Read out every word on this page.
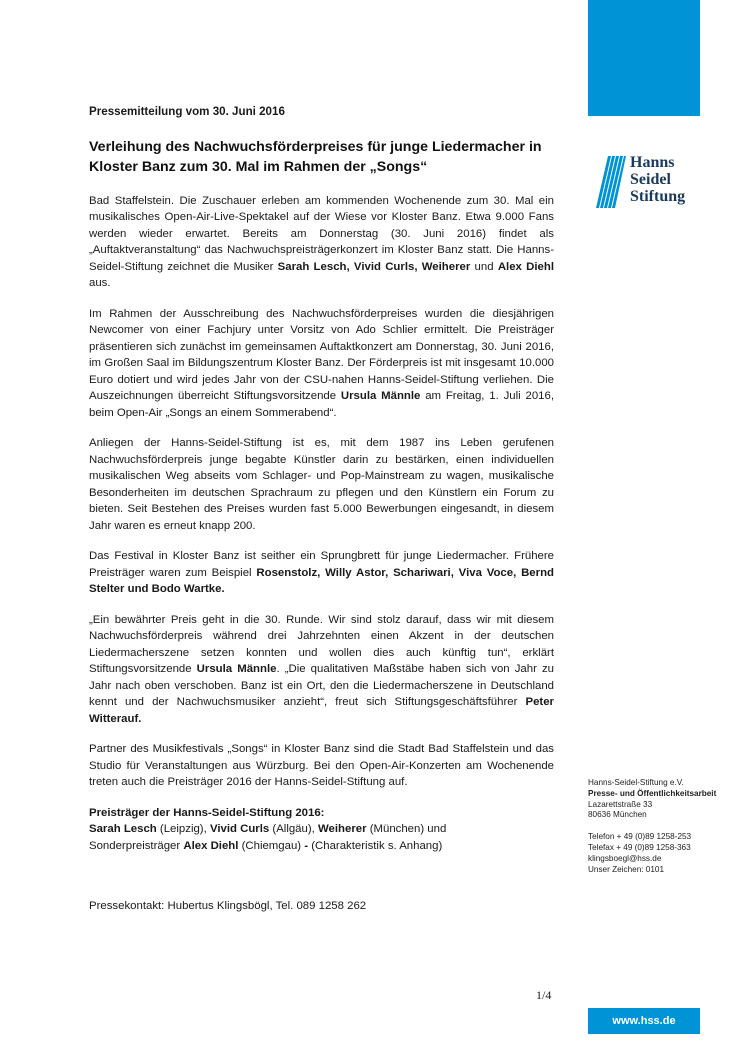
Hanns
Seidel
Stiftung

Pressemitteilung vom 30. Juni 2016

Verleihung des Nachwuchsförderpreises für junge Liedermacher in
Kloster Banz zum 30. Mal im Rahmen der „Songs“

Bad Staffelstein. Die Zuschauer erleben am kommenden Wochenende zum 30. Mal ein musikalisches Open-Air-Live-Spektakel auf der Wiese vor Kloster Banz. Etwa 9.000 Fans werden wieder erwartet. Bereits am Donnerstag (30. Juni 2016) findet als „Auftaktveranstaltung“ das Nachwuchspreisträgerkonzert im Kloster Banz statt. Die Hanns-Seidel-Stiftung zeichnet die Musiker Sarah Lesch, Vivid Curls, Weiherer und Alex Diehl aus.

Im Rahmen der Ausschreibung des Nachwuchsförderpreises wurden die diesjährigen Newcomer von einer Fachjury unter Vorsitz von Ado Schlier ermittelt. Die Preisträger präsentieren sich zunächst im gemeinsamen Auftaktkonzert am Donnerstag, 30. Juni 2016, im Großen Saal im Bildungszentrum Kloster Banz. Der Förderpreis ist mit insgesamt 10.000 Euro dotiert und wird jedes Jahr von der CSU-nahen Hanns-Seidel-Stiftung verliehen. Die Auszeichnungen überreicht Stiftungsvorsitzende Ursula Männle am Freitag, 1. Juli 2016, beim Open-Air „Songs an einem Sommerabend“.

Anliegen der Hanns-Seidel-Stiftung ist es, mit dem 1987 ins Leben gerufenen Nachwuchsförderpreis junge begabte Künstler darin zu bestärken, einen individuellen musikalischen Weg abseits vom Schlager- und Pop-Mainstream zu wagen, musikalische Besonderheiten im deutschen Sprachraum zu pflegen und den Künstlern ein Forum zu bieten. Seit Bestehen des Preises wurden fast 5.000 Bewerbungen eingesandt, in diesem Jahr waren es erneut knapp 200.

Das Festival in Kloster Banz ist seither ein Sprungbrett für junge Liedermacher. Frühere Preisträger waren zum Beispiel Rosenstolz, Willy Astor, Schariwari, Viva Voce, Bernd Stelter und Bodo Wartke.

„Ein bewährter Preis geht in die 30. Runde. Wir sind stolz darauf, dass wir mit diesem Nachwuchsförderpreis während drei Jahrzehnten einen Akzent in der deutschen Liedermacherszene setzen konnten und wollen dies auch künftig tun“, erklärt Stiftungsvorsitzende Ursula Männle. „Die qualitativen Maßstäbe haben sich von Jahr zu Jahr nach oben verschoben. Banz ist ein Ort, den die Liedermacherszene in Deutschland kennt und der Nachwuchsmusiker anzieht“, freut sich Stiftungsgeschäftsführer Peter Witterauf.

Partner des Musikfestivals „Songs“ in Kloster Banz sind die Stadt Bad Staffelstein und das Studio für Veranstaltungen aus Würzburg. Bei den Open-Air-Konzerten am Wochenende treten auch die Preisträger 2016 der Hanns-Seidel-Stiftung auf.

Preisträger der Hanns-Seidel-Stiftung 2016:
Sarah Lesch (Leipzig), Vivid Curls (Allgäu), Weiherer (München) und
Sonderpreisträger Alex Diehl (Chiemgau) - (Charakteristik s. Anhang)

Pressekontakt: Hubertus Klingsbögl, Tel. 089 1258 262

Hanns-Seidel-Stiftung e.V.
Presse- und Öffentlichkeitsarbeit
Lazarettstraße 33
80636 München
Telefon + 49 (0)89 1258-253
Telefax + 49 (0)89 1258-363
klingsboegl@hss.de
Unser Zeichen: 0101
1/4
www.hss.de
